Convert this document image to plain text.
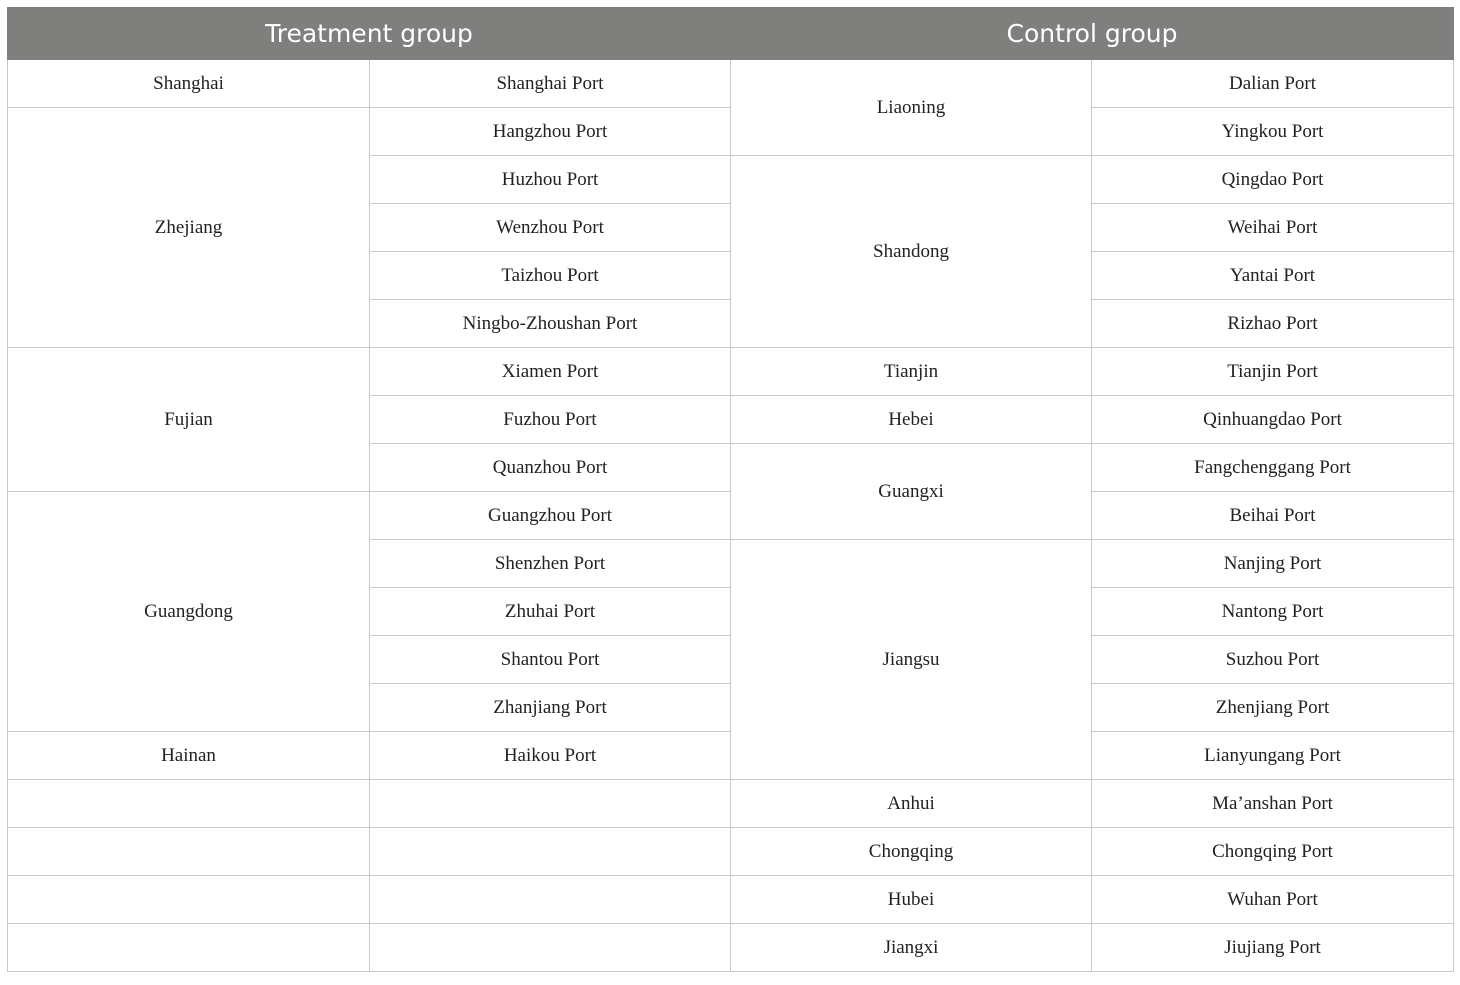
Treatment group		Control group	
Shanghai	Shanghai Port	Liaoning	Dalian Port
Zhejiang	Hangzhou Port		Yingkou Port
	Huzhou Port	Shandong	Qingdao Port
	Wenzhou Port		Weihai Port
	Taizhou Port		Yantai Port
	Ningbo-Zhoushan Port		Rizhao Port
Fujian	Xiamen Port	Tianjin	Tianjin Port
	Fuzhou Port	Hebei	Qinhuangdao Port
	Quanzhou Port	Guangxi	Fangchenggang Port
Guangdong	Guangzhou Port		Beihai Port
	Shenzhen Port	Jiangsu	Nanjing Port
	Zhuhai Port		Nantong Port
	Shantou Port		Suzhou Port
	Zhanjiang Port		Zhenjiang Port
Hainan	Haikou Port		Lianyungang Port
		Anhui	Ma’anshan Port
		Chongqing	Chongqing Port
		Hubei	Wuhan Port
		Jiangxi	Jiujiang Port
